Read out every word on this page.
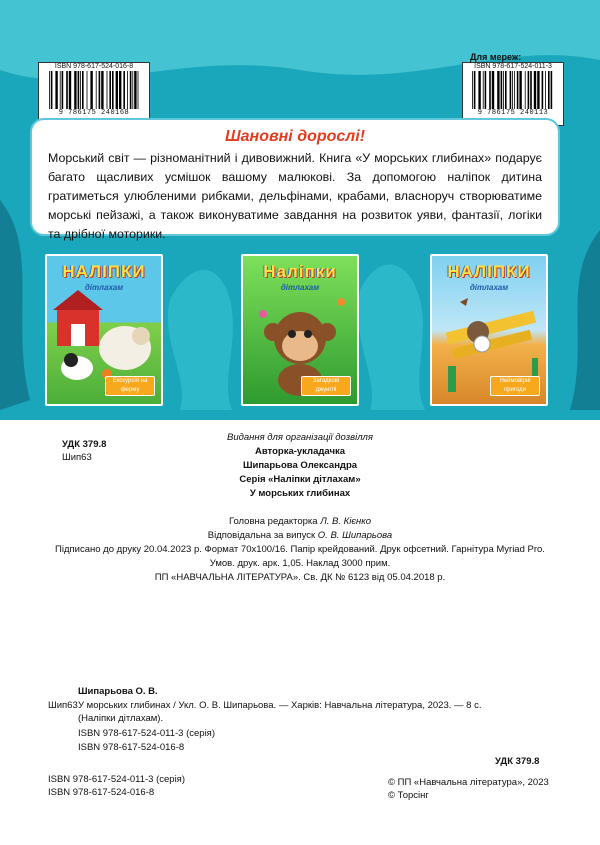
Для мереж:
ISBN 978-617-524-016-8
9 786175 240168
ISBN 978-617-524-011-3
9 786175 240113
Шановні дорослі!

Морський світ — різноманітний і дивовижний. Книга «У морських глибинах» подарує багато щасливих усмішок вашому малюкові. За допомогою наліпок дитина гратиметься улюбленими рибками, дельфінами, крабами, власноруч створюватиме морські пейзажі, а також виконуватиме завдання на розвиток уяви, фантазії, логіки та дрібної моторики.

НАЛІПКИ
дітлахам
Екскурсія на ферму
Наліпки
дітлахам
Загадкові джунглі
НАЛІПКИ
дітлахам
Неймовірні пригоди
УДК 379.8
Шип63
Видання для організації дозвілля
Авторка-укладачка
Шипарьова Олександра
Серія «Наліпки дітлахам»
У морських глибинах
Головна редакторка Л. В. Кієнко
Відповідальна за випуск О. В. Шипарьова
Підписано до друку 20.04.2023 р. Формат 70х100/16. Папір крейдований. Друк офсетний. Гарнітура Myriad Pro.
Умов. друк. арк. 1,05. Наклад 3000 прим.
ПП «НАВЧАЛЬНА ЛІТЕРАТУРА». Св. ДК № 6123 від 05.04.2018 р.
Шипарьова О. В.
Шип63 У морських глибинах / Укл. О. В. Шипарьова. — Харків: Навчальна література, 2023. — 8 с.
(Наліпки дітлахам).
ISBN 978-617-524-011-3 (серія)
ISBN 978-617-524-016-8
УДК 379.8
ISBN 978-617-524-011-3 (серія)
ISBN 978-617-524-016-8
© ПП «Навчальна література», 2023
© Торсінг
